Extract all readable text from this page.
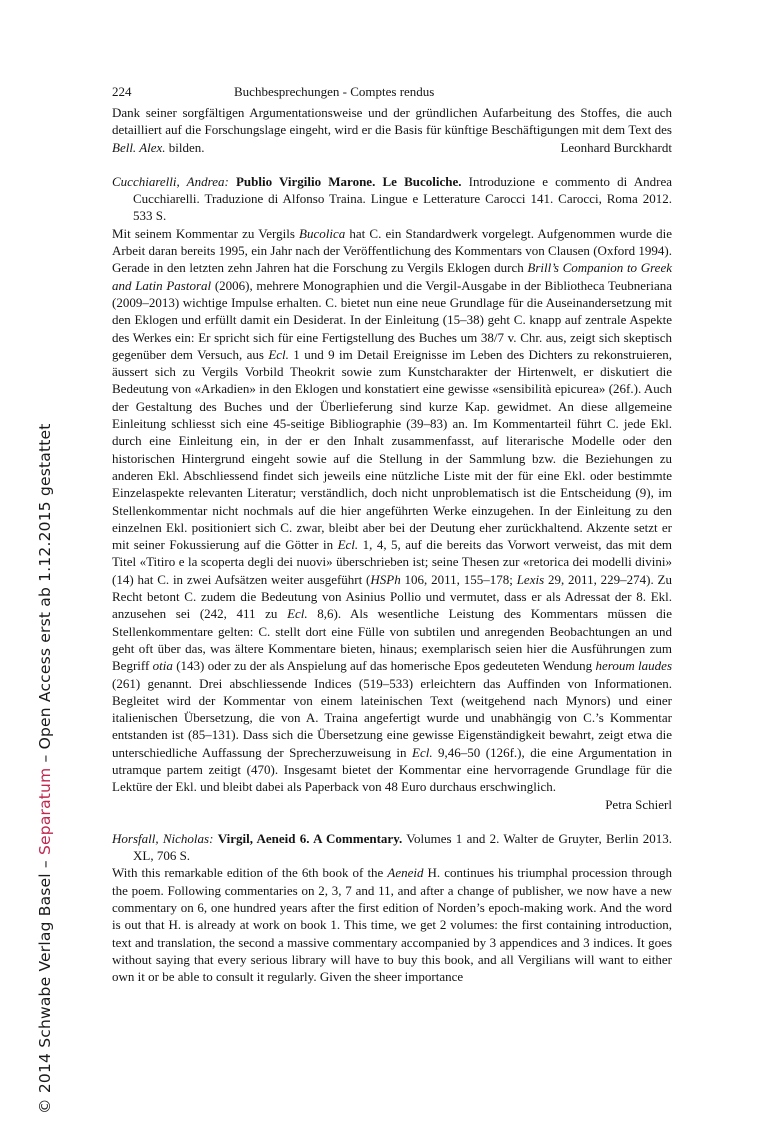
© 2014 Schwabe Verlag Basel – Separatum – Open Access erst ab 1.12.2015 gestattet
224	Buchbesprechungen - Comptes rendus
Dank seiner sorgfältigen Argumentationsweise und der gründlichen Aufarbeitung des Stoffes, die auch detailliert auf die Forschungslage eingeht, wird er die Basis für künftige Beschäftigungen mit dem Text des Bell. Alex. bilden.	Leonhard Burckhardt
Cucchiarelli, Andrea: Publio Virgilio Marone. Le Bucoliche. Introduzione e commento di Andrea Cucchiarelli. Traduzione di Alfonso Traina. Lingue e Letterature Carocci 141. Carocci, Roma 2012. 533 S.
Mit seinem Kommentar zu Vergils Bucolica hat C. ein Standardwerk vorgelegt. Aufgenommen wurde die Arbeit daran bereits 1995, ein Jahr nach der Veröffentlichung des Kommentars von Clausen (Oxford 1994). Gerade in den letzten zehn Jahren hat die Forschung zu Vergils Eklogen durch Brill’s Companion to Greek and Latin Pastoral (2006), mehrere Monographien und die Vergil-Ausgabe in der Bibliotheca Teubneriana (2009–2013) wichtige Impulse erhalten. C. bietet nun eine neue Grundlage für die Auseinandersetzung mit den Eklogen und erfüllt damit ein Desiderat. In der Einleitung (15–38) geht C. knapp auf zentrale Aspekte des Werkes ein: Er spricht sich für eine Fertigstellung des Buches um 38/7 v. Chr. aus, zeigt sich skeptisch gegenüber dem Versuch, aus Ecl. 1 und 9 im Detail Ereignisse im Leben des Dichters zu rekonstruieren, äussert sich zu Vergils Vorbild Theokrit sowie zum Kunstcharakter der Hirtenwelt, er diskutiert die Bedeutung von «Arkadien» in den Eklogen und konstatiert eine gewisse «sensibilità epicurea» (26f.). Auch der Gestaltung des Buches und der Überlieferung sind kurze Kap. gewidmet. An diese allgemeine Einleitung schliesst sich eine 45-seitige Bibliographie (39–83) an. Im Kommentarteil führt C. jede Ekl. durch eine Einleitung ein, in der er den Inhalt zusammenfasst, auf literarische Modelle oder den historischen Hintergrund eingeht sowie auf die Stellung in der Sammlung bzw. die Beziehungen zu anderen Ekl. Abschliessend findet sich jeweils eine nützliche Liste mit der für eine Ekl. oder bestimmte Einzelaspekte relevanten Literatur; verständlich, doch nicht unproblematisch ist die Entscheidung (9), im Stellenkommentar nicht nochmals auf die hier angeführten Werke einzugehen. In der Einleitung zu den einzelnen Ekl. positioniert sich C. zwar, bleibt aber bei der Deutung eher zurückhaltend. Akzente setzt er mit seiner Fokussierung auf die Götter in Ecl. 1, 4, 5, auf die bereits das Vorwort verweist, das mit dem Titel «Titiro e la scoperta degli dei nuovi» überschrieben ist; seine Thesen zur «retorica dei modelli divini» (14) hat C. in zwei Aufsätzen weiter ausgeführt (HSPh 106, 2011, 155–178; Lexis 29, 2011, 229–274). Zu Recht betont C. zudem die Bedeutung von Asinius Pollio und vermutet, dass er als Adressat der 8. Ekl. anzusehen sei (242, 411 zu Ecl. 8,6). Als wesentliche Leistung des Kommentars müssen die Stellenkommentare gelten: C. stellt dort eine Fülle von subtilen und anregenden Beobachtungen an und geht oft über das, was ältere Kommentare bieten, hinaus; exemplarisch seien hier die Ausführungen zum Begriff otia (143) oder zu der als Anspielung auf das homerische Epos gedeuteten Wendung heroum laudes (261) genannt. Drei abschliessende Indices (519–533) erleichtern das Auffinden von Informationen. Begleitet wird der Kommentar von einem lateinischen Text (weitgehend nach Mynors) und einer italienischen Übersetzung, die von A. Traina angefertigt wurde und unabhängig von C.’s Kommentar entstanden ist (85–131). Dass sich die Übersetzung eine gewisse Eigenständigkeit bewahrt, zeigt etwa die unterschiedliche Auffassung der Sprecherzuweisung in Ecl. 9,46–50 (126f.), die eine Argumentation in utramque partem zeitigt (470). Insgesamt bietet der Kommentar eine hervorragende Grundlage für die Lektüre der Ekl. und bleibt dabei als Paperback von 48 Euro durchaus erschwinglich.
Petra Schierl
Horsfall, Nicholas: Virgil, Aeneid 6. A Commentary. Volumes 1 and 2. Walter de Gruyter, Berlin 2013. XL, 706 S.
With this remarkable edition of the 6th book of the Aeneid H. continues his triumphal procession through the poem. Following commentaries on 2, 3, 7 and 11, and after a change of publisher, we now have a new commentary on 6, one hundred years after the first edition of Norden’s epoch-making work. And the word is out that H. is already at work on book 1. This time, we get 2 volumes: the first containing introduction, text and translation, the second a massive commentary accompanied by 3 appendices and 3 indices. It goes without saying that every serious library will have to buy this book, and all Vergilians will want to either own it or be able to consult it regularly. Given the sheer importance
